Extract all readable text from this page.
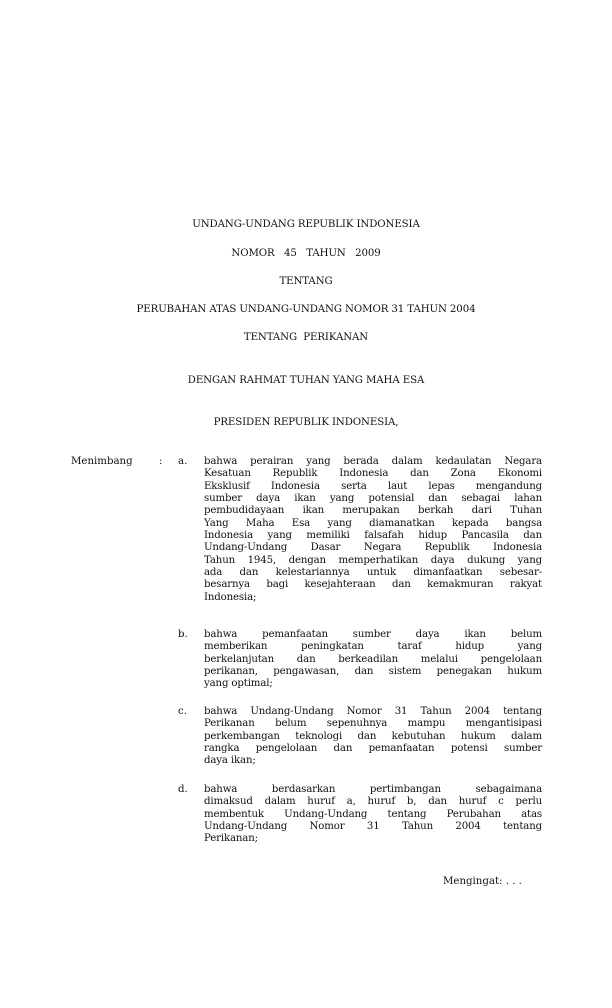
UNDANG-UNDANG REPUBLIK INDONESIA
NOMOR   45   TAHUN   2009
TENTANG
PERUBAHAN ATAS UNDANG-UNDANG NOMOR 31 TAHUN 2004
TENTANG  PERIKANAN
DENGAN RAHMAT TUHAN YANG MAHA ESA
PRESIDEN REPUBLIK INDONESIA,
Menimbang	: a. bahwa perairan yang berada dalam kedaulatan Negara
Kesatuan Republik Indonesia dan Zona Ekonomi
Eksklusif Indonesia serta laut lepas mengandung
sumber daya ikan yang potensial dan sebagai lahan
pembudidayaan ikan merupakan berkah dari Tuhan
Yang Maha Esa yang diamanatkan kepada bangsa
Indonesia yang memiliki falsafah hidup Pancasila dan
Undang-Undang Dasar Negara Republik Indonesia
Tahun 1945, dengan memperhatikan daya dukung yang
ada dan kelestariannya untuk dimanfaatkan sebesar-
besarnya bagi kesejahteraan dan kemakmuran rakyat
Indonesia;
b. bahwa pemanfaatan sumber daya ikan belum
memberikan peningkatan taraf hidup yang
berkelanjutan dan berkeadilan melalui pengelolaan
perikanan, pengawasan, dan sistem penegakan hukum
yang optimal;
c. bahwa Undang-Undang Nomor 31 Tahun 2004 tentang
Perikanan belum sepenuhnya mampu mengantisipasi
perkembangan teknologi dan kebutuhan hukum dalam
rangka pengelolaan dan pemanfaatan potensi sumber
daya ikan;
d. bahwa berdasarkan pertimbangan sebagaimana
dimaksud dalam huruf a, huruf b, dan huruf c perlu
membentuk Undang-Undang tentang Perubahan atas
Undang-Undang Nomor 31 Tahun 2004 tentang
Perikanan;
Mengingat: . . .
